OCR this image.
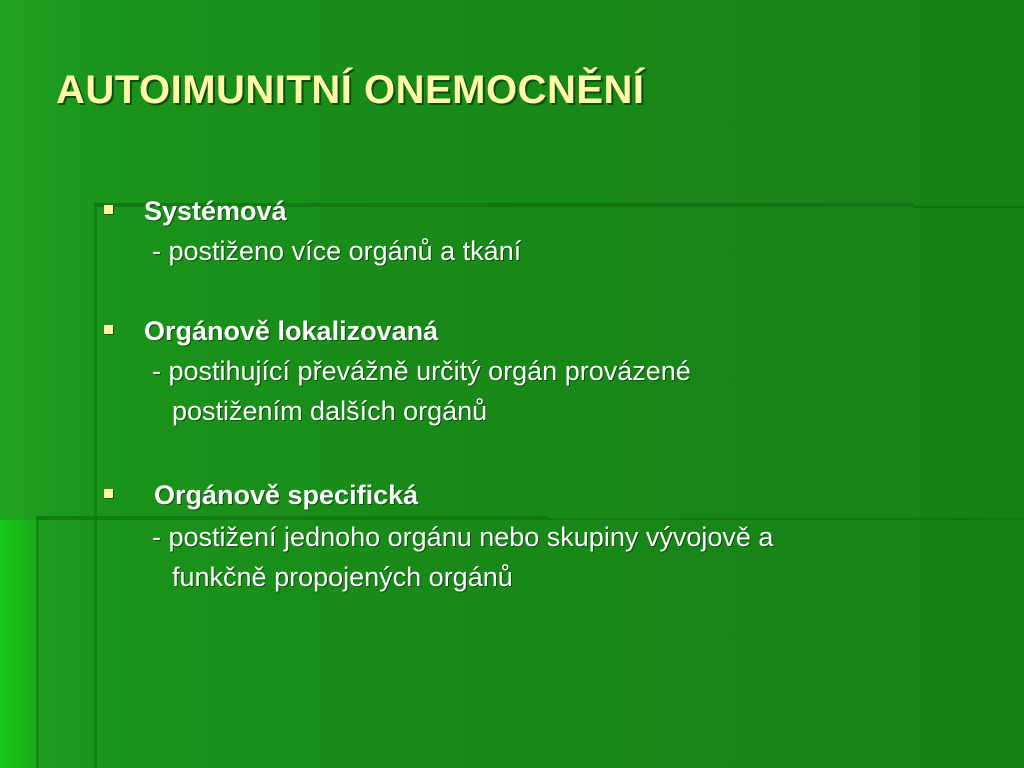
AUTOIMUNITNÍ ONEMOCNĚNÍ
Systémová
- postiženo více orgánů a tkání
Orgánově lokalizovaná
- postihující převážně určitý orgán provázené
postižením dalších orgánů
Orgánově specifická
- postižení jednoho orgánu nebo skupiny vývojově a
funkčně propojených orgánů
